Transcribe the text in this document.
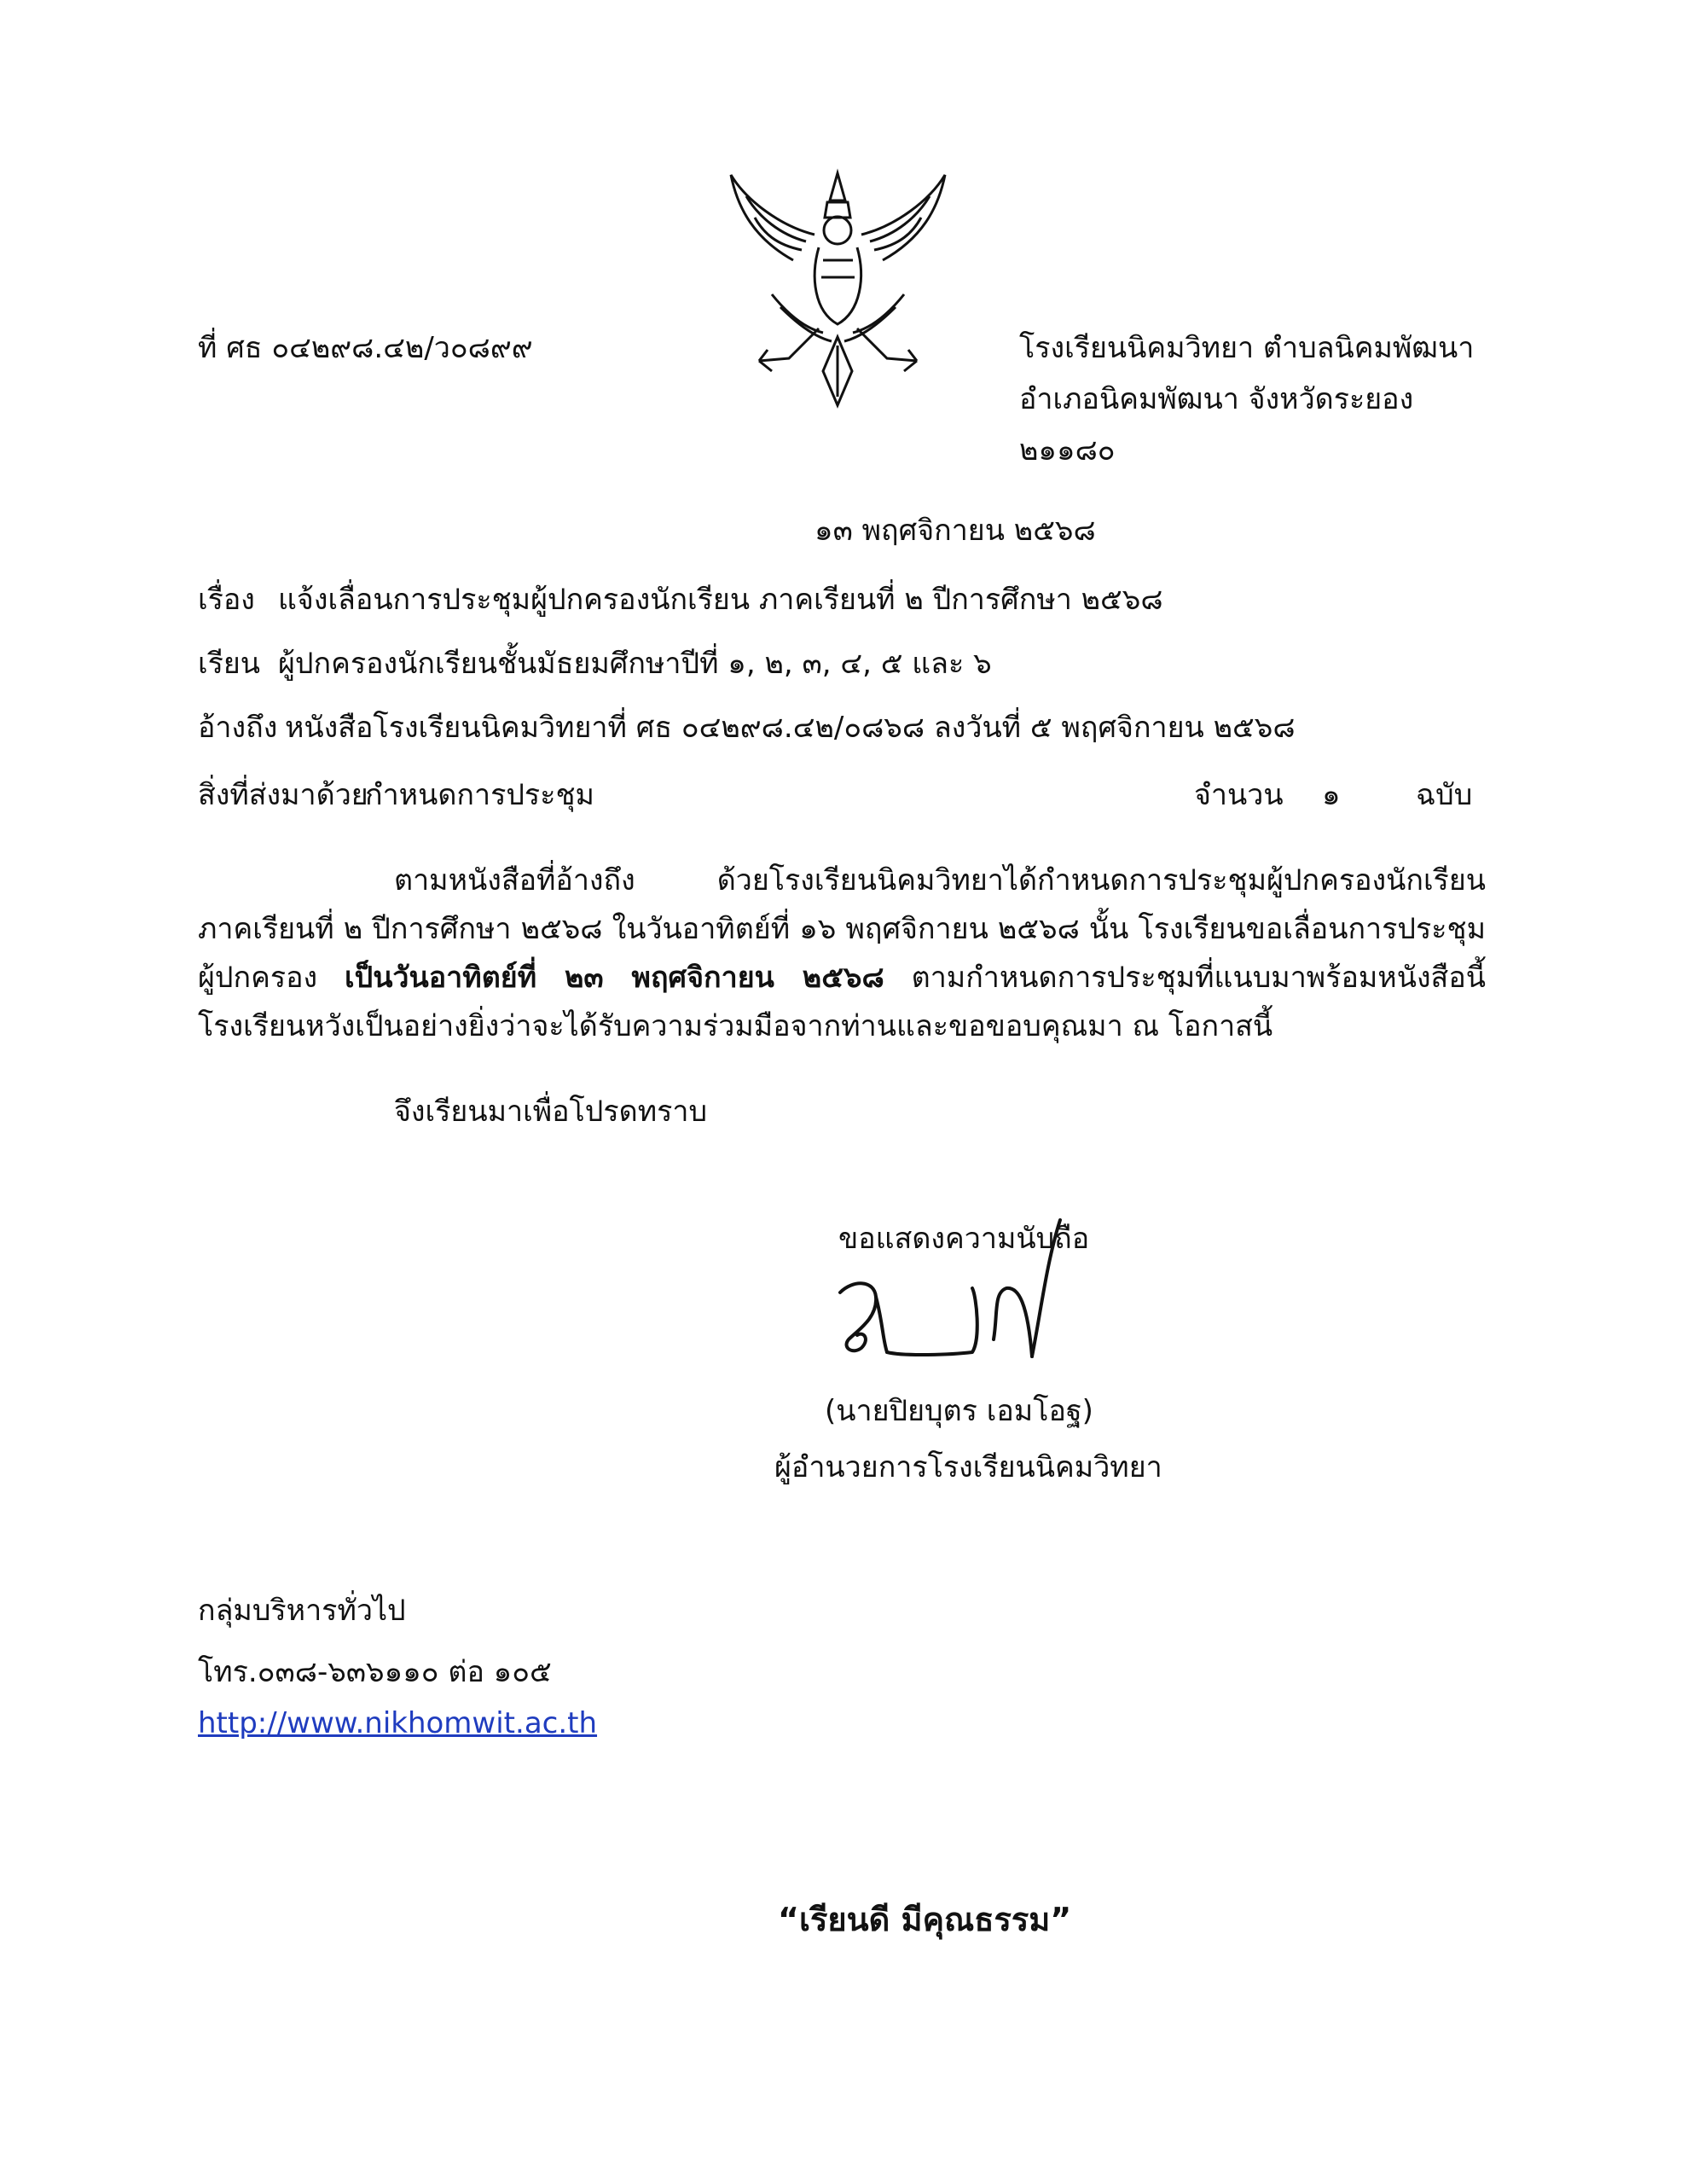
ที่ ศธ ๐๔๒๙๘.๔๒/ว๐๘๙๙	โรงเรียนนิคมวิทยา ตำบลนิคมพัฒนา
อำเภอนิคมพัฒนา จังหวัดระยอง
๒๑๑๘๐
๑๓ พฤศจิกายน ๒๕๖๘
เรื่อง แจ้งเลื่อนการประชุมผู้ปกครองนักเรียน ภาคเรียนที่ ๒ ปีการศึกษา ๒๕๖๘
เรียน ผู้ปกครองนักเรียนชั้นมัธยมศึกษาปีที่ ๑, ๒, ๓, ๔, ๕ และ ๖
อ้างถึง หนังสือโรงเรียนนิคมวิทยาที่ ศธ ๐๔๒๙๘.๔๒/๐๘๖๘ ลงวันที่ ๕ พฤศจิกายน ๒๕๖๘
สิ่งที่ส่งมาด้วยกำหนดการประชุม	จำนวน ๑	ฉบับ
ตามหนังสือที่อ้างถึง ด้วยโรงเรียนนิคมวิทยาได้กำหนดการประชุมผู้ปกครองนักเรียน
ภาคเรียนที่ ๒ ปีการศึกษา ๒๕๖๘ ในวันอาทิตย์ที่ ๑๖ พฤศจิกายน ๒๕๖๘ นั้น โรงเรียนขอเลื่อนการประชุม
ผู้ปกครอง เป็นวันอาทิตย์ที่ ๒๓ พฤศจิกายน ๒๕๖๘ ตามกำหนดการประชุมที่แนบมาพร้อมหนังสือนี้
โรงเรียนหวังเป็นอย่างยิ่งว่าจะได้รับความร่วมมือจากท่านและขอขอบคุณมา ณ โอกาสนี้
จึงเรียนมาเพื่อโปรดทราบ
ขอแสดงความนับถือ
(นายปิยบุตร เอมโอฐ)
ผู้อำนวยการโรงเรียนนิคมวิทยา
กลุ่มบริหารทั่วไป
โทร.๐๓๘-๖๓๖๑๑๐ ต่อ ๑๐๕
http://www.nikhomwit.ac.th
“เรียนดี มีคุณธรรม”
